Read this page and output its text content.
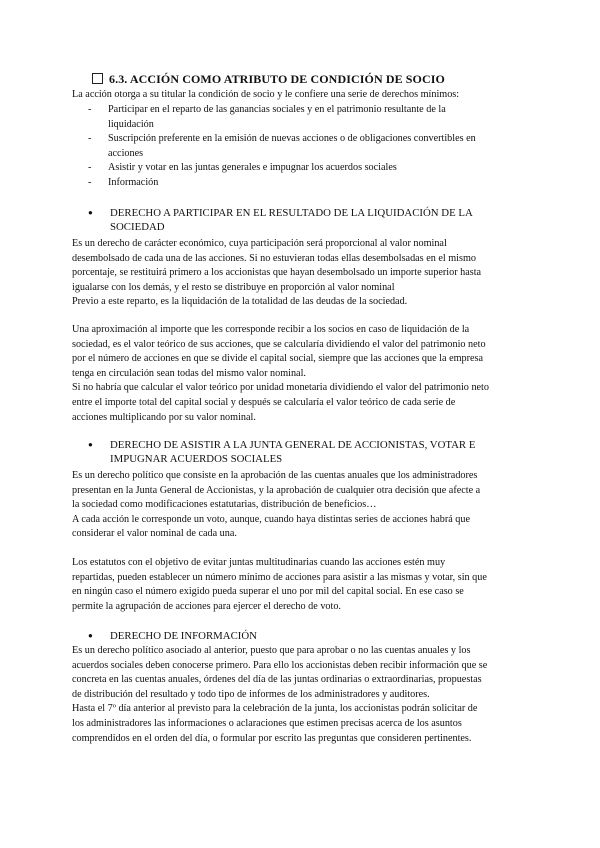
6.3. ACCIÓN COMO ATRIBUTO DE CONDICIÓN DE SOCIO
La acción otorga a su titular la condición de socio y le confiere una serie de derechos mínimos:
-	Participar en el reparto de las ganancias sociales y en el patrimonio resultante de la
liquidación
-	Suscripción preferente en la emisión de nuevas acciones o de obligaciones convertibles en
acciones
-	Asistir y votar en las juntas generales e impugnar los acuerdos sociales
-	Información
●	DERECHO A PARTICIPAR EN EL RESULTADO DE LA LIQUIDACIÓN DE LA
SOCIEDAD
Es un derecho de carácter económico, cuya participación será proporcional al valor nominal
desembolsado de cada una de las acciones. Si no estuvieran todas ellas desembolsadas en el mismo
porcentaje, se restituirá primero a los accionistas que hayan desembolsado un importe superior hasta
igualarse con los demás, y el resto se distribuye en proporción al valor nominal
Previo a este reparto, es la liquidación de la totalidad de las deudas de la sociedad.
Una aproximación al importe que les corresponde recibir a los socios en caso de liquidación de la
sociedad, es el valor teórico de sus acciones, que se calcularía dividiendo el valor del patrimonio neto
por el número de acciones en que se divide el capital social, siempre que las acciones que la empresa
tenga en circulación sean todas del mismo valor nominal.
Si no habría que calcular el valor teórico por unidad monetaria dividiendo el valor del patrimonio neto
entre el importe total del capital social y después se calcularía el valor teórico de cada serie de
acciones multiplicando por su valor nominal.
●	DERECHO DE ASISTIR A LA JUNTA GENERAL DE ACCIONISTAS, VOTAR E
IMPUGNAR ACUERDOS SOCIALES
Es un derecho político que consiste en la aprobación de las cuentas anuales que los administradores
presentan en la Junta General de Accionistas, y la aprobación de cualquier otra decisión que afecte a
la sociedad como modificaciones estatutarias, distribución de beneficios…
A cada acción le corresponde un voto, aunque, cuando haya distintas series de acciones habrá que
considerar el valor nominal de cada una.
Los estatutos con el objetivo de evitar juntas multitudinarias cuando las acciones estén muy
repartidas, pueden establecer un número mínimo de acciones para asistir a las mismas y votar, sin que
en ningún caso el número exigido pueda superar el uno por mil del capital social. En ese caso se
permite la agrupación de acciones para ejercer el derecho de voto.
●	DERECHO DE INFORMACIÓN
Es un derecho político asociado al anterior, puesto que para aprobar o no las cuentas anuales y los
acuerdos sociales deben conocerse primero. Para ello los accionistas deben recibir información que se
concreta en las cuentas anuales, órdenes del día de las juntas ordinarias o extraordinarias, propuestas
de distribución del resultado y todo tipo de informes de los administradores y auditores.
Hasta el 7º día anterior al previsto para la celebración de la junta, los accionistas podrán solicitar de
los administradores las informaciones o aclaraciones que estimen precisas acerca de los asuntos
comprendidos en el orden del día, o formular por escrito las preguntas que consideren pertinentes.
